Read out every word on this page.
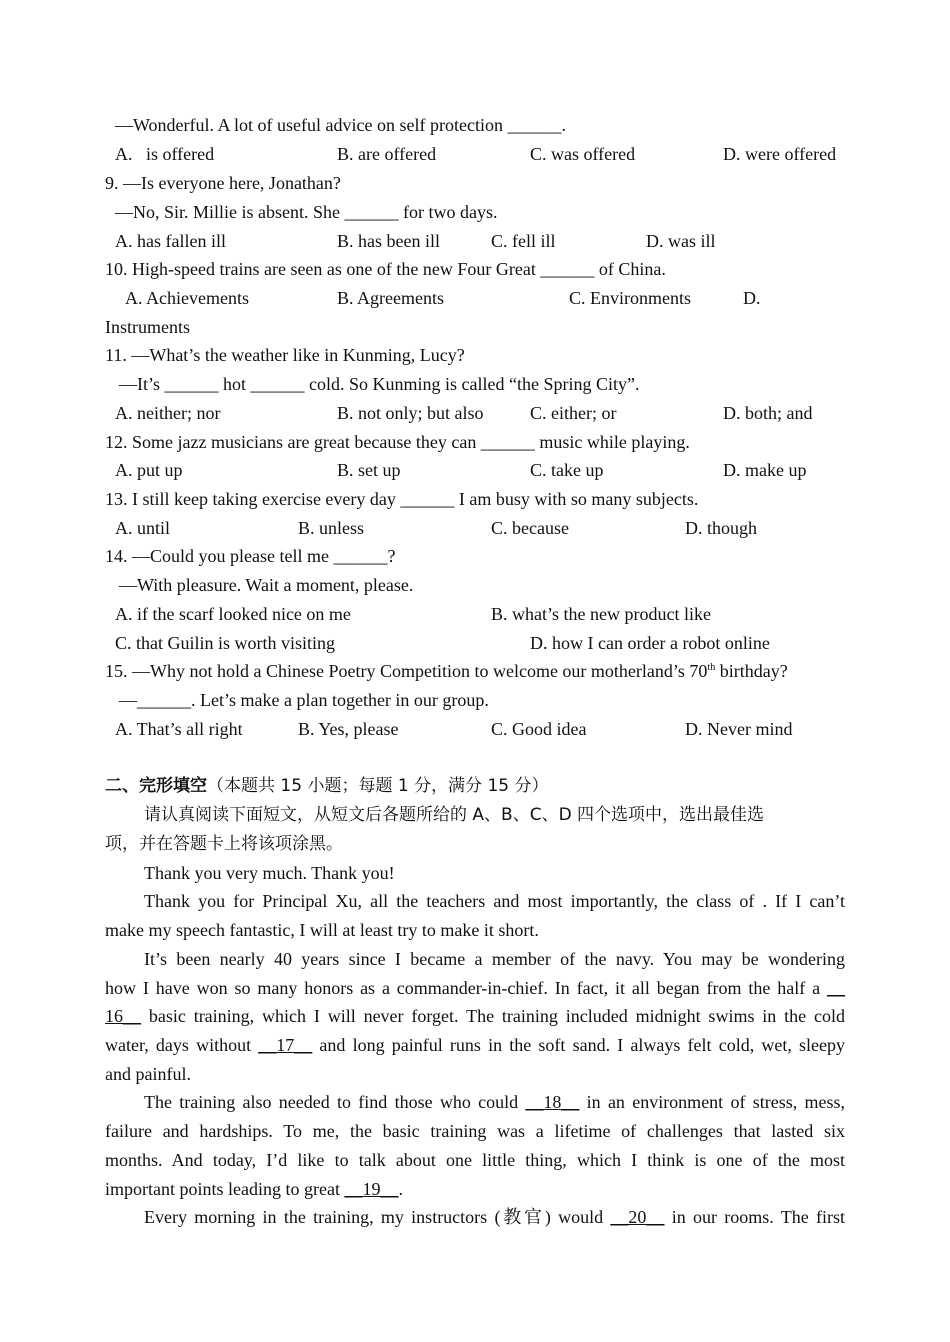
—Wonderful. A lot of useful advice on self protection ______.
A.   is offered	B. are offered	C. was offered	D. were offered
9. —Is everyone here, Jonathan?
—No, Sir. Millie is absent. She ______ for two days.
A. has fallen ill	B. has been ill	C. fell ill	D. was ill
10. High-speed trains are seen as one of the new Four Great ______ of China.
A. Achievements	B. Agreements	C. Environments	D.
Instruments
11. —What’s the weather like in Kunming, Lucy?
—It’s ______ hot ______ cold. So Kunming is called “the Spring City”.
A. neither; nor	B. not only; but also	C. either; or	D. both; and
12. Some jazz musicians are great because they can ______ music while playing.
A. put up	B. set up	C. take up	D. make up
13. I still keep taking exercise every day ______ I am busy with so many subjects.
A. until	B. unless	C. because	D. though
14. —Could you please tell me ______?
—With pleasure. Wait a moment, please.
A. if the scarf looked nice on me	B. what’s the new product like
C. that Guilin is worth visiting	D. how I can order a robot online
15. —Why not hold a Chinese Poetry Competition to welcome our motherland’s 70th birthday?
—______. Let’s make a plan together in our group.
A. That’s all right	B. Yes, please	C. Good idea	D. Never mind
二、完形填空（本题共 15 小题；每题 1 分，满分 15 分）
请认真阅读下面短文，从短文后各题所给的 A、B、C、D 四个选项中，选出最佳选
项，并在答题卡上将该项涂黑。
Thank you very much. Thank you!
Thank you for Principal Xu, all the teachers and most importantly, the class of . If I can’t
make my speech fantastic, I will at least try to make it short.
It’s been nearly 40 years since I became a member of the navy. You may be wondering
how I have won so many honors as a commander-in-chief. In fact, it all began from the half a __
16__ basic training, which I will never forget. The training included midnight swims in the cold
water, days without __17__ and long painful runs in the soft sand. I always felt cold, wet, sleepy
and painful.
The training also needed to find those who could __18__ in an environment of stress, mess,
failure and hardships. To me, the basic training was a lifetime of challenges that lasted six
months. And today, I’d like to talk about one little thing, which I think is one of the most
important points leading to great __19__.
Every morning in the training, my instructors (教官) would __20__ in our rooms. The first
